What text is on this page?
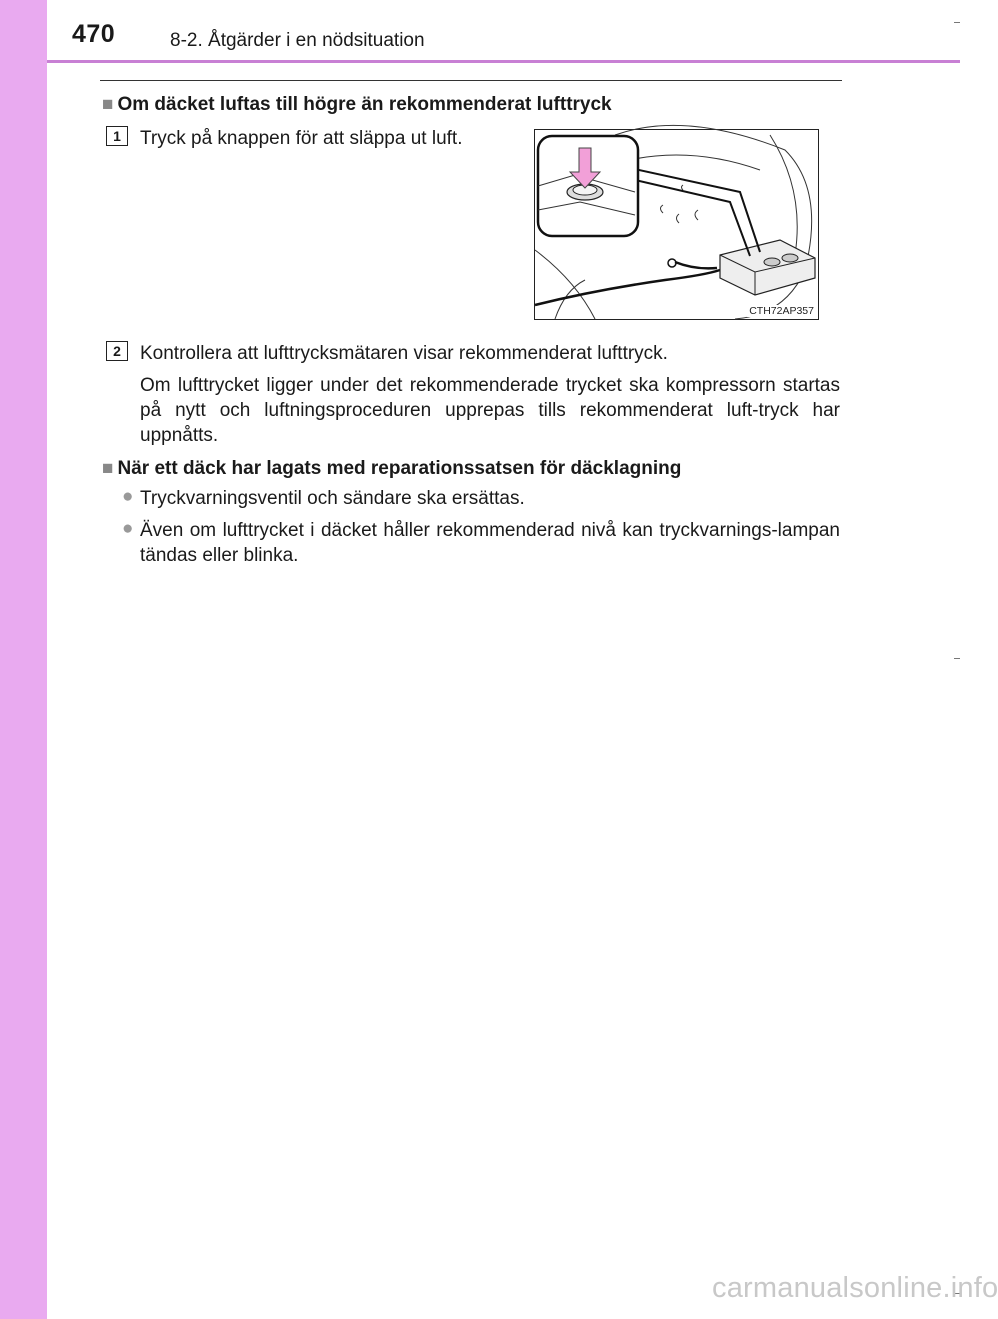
470	8-2. Åtgärder i en nödsituation
■ Om däcket luftas till högre än rekommenderat lufttryck
1	Tryck på knappen för att släppa ut luft.
CTH72AP357
2	Kontrollera att lufttrycksmätaren visar rekommenderat lufttryck.
Om lufttrycket ligger under det rekommenderade trycket ska kompressorn startas på nytt och luftningsproceduren upprepas tills rekommenderat luft-tryck har uppnåtts.
■ När ett däck har lagats med reparationssatsen för däcklagning
● Tryckvarningsventil och sändare ska ersättas.
● Även om lufttrycket i däcket håller rekommenderad nivå kan tryckvarnings-lampan tändas eller blinka.
carmanualsonline.info
